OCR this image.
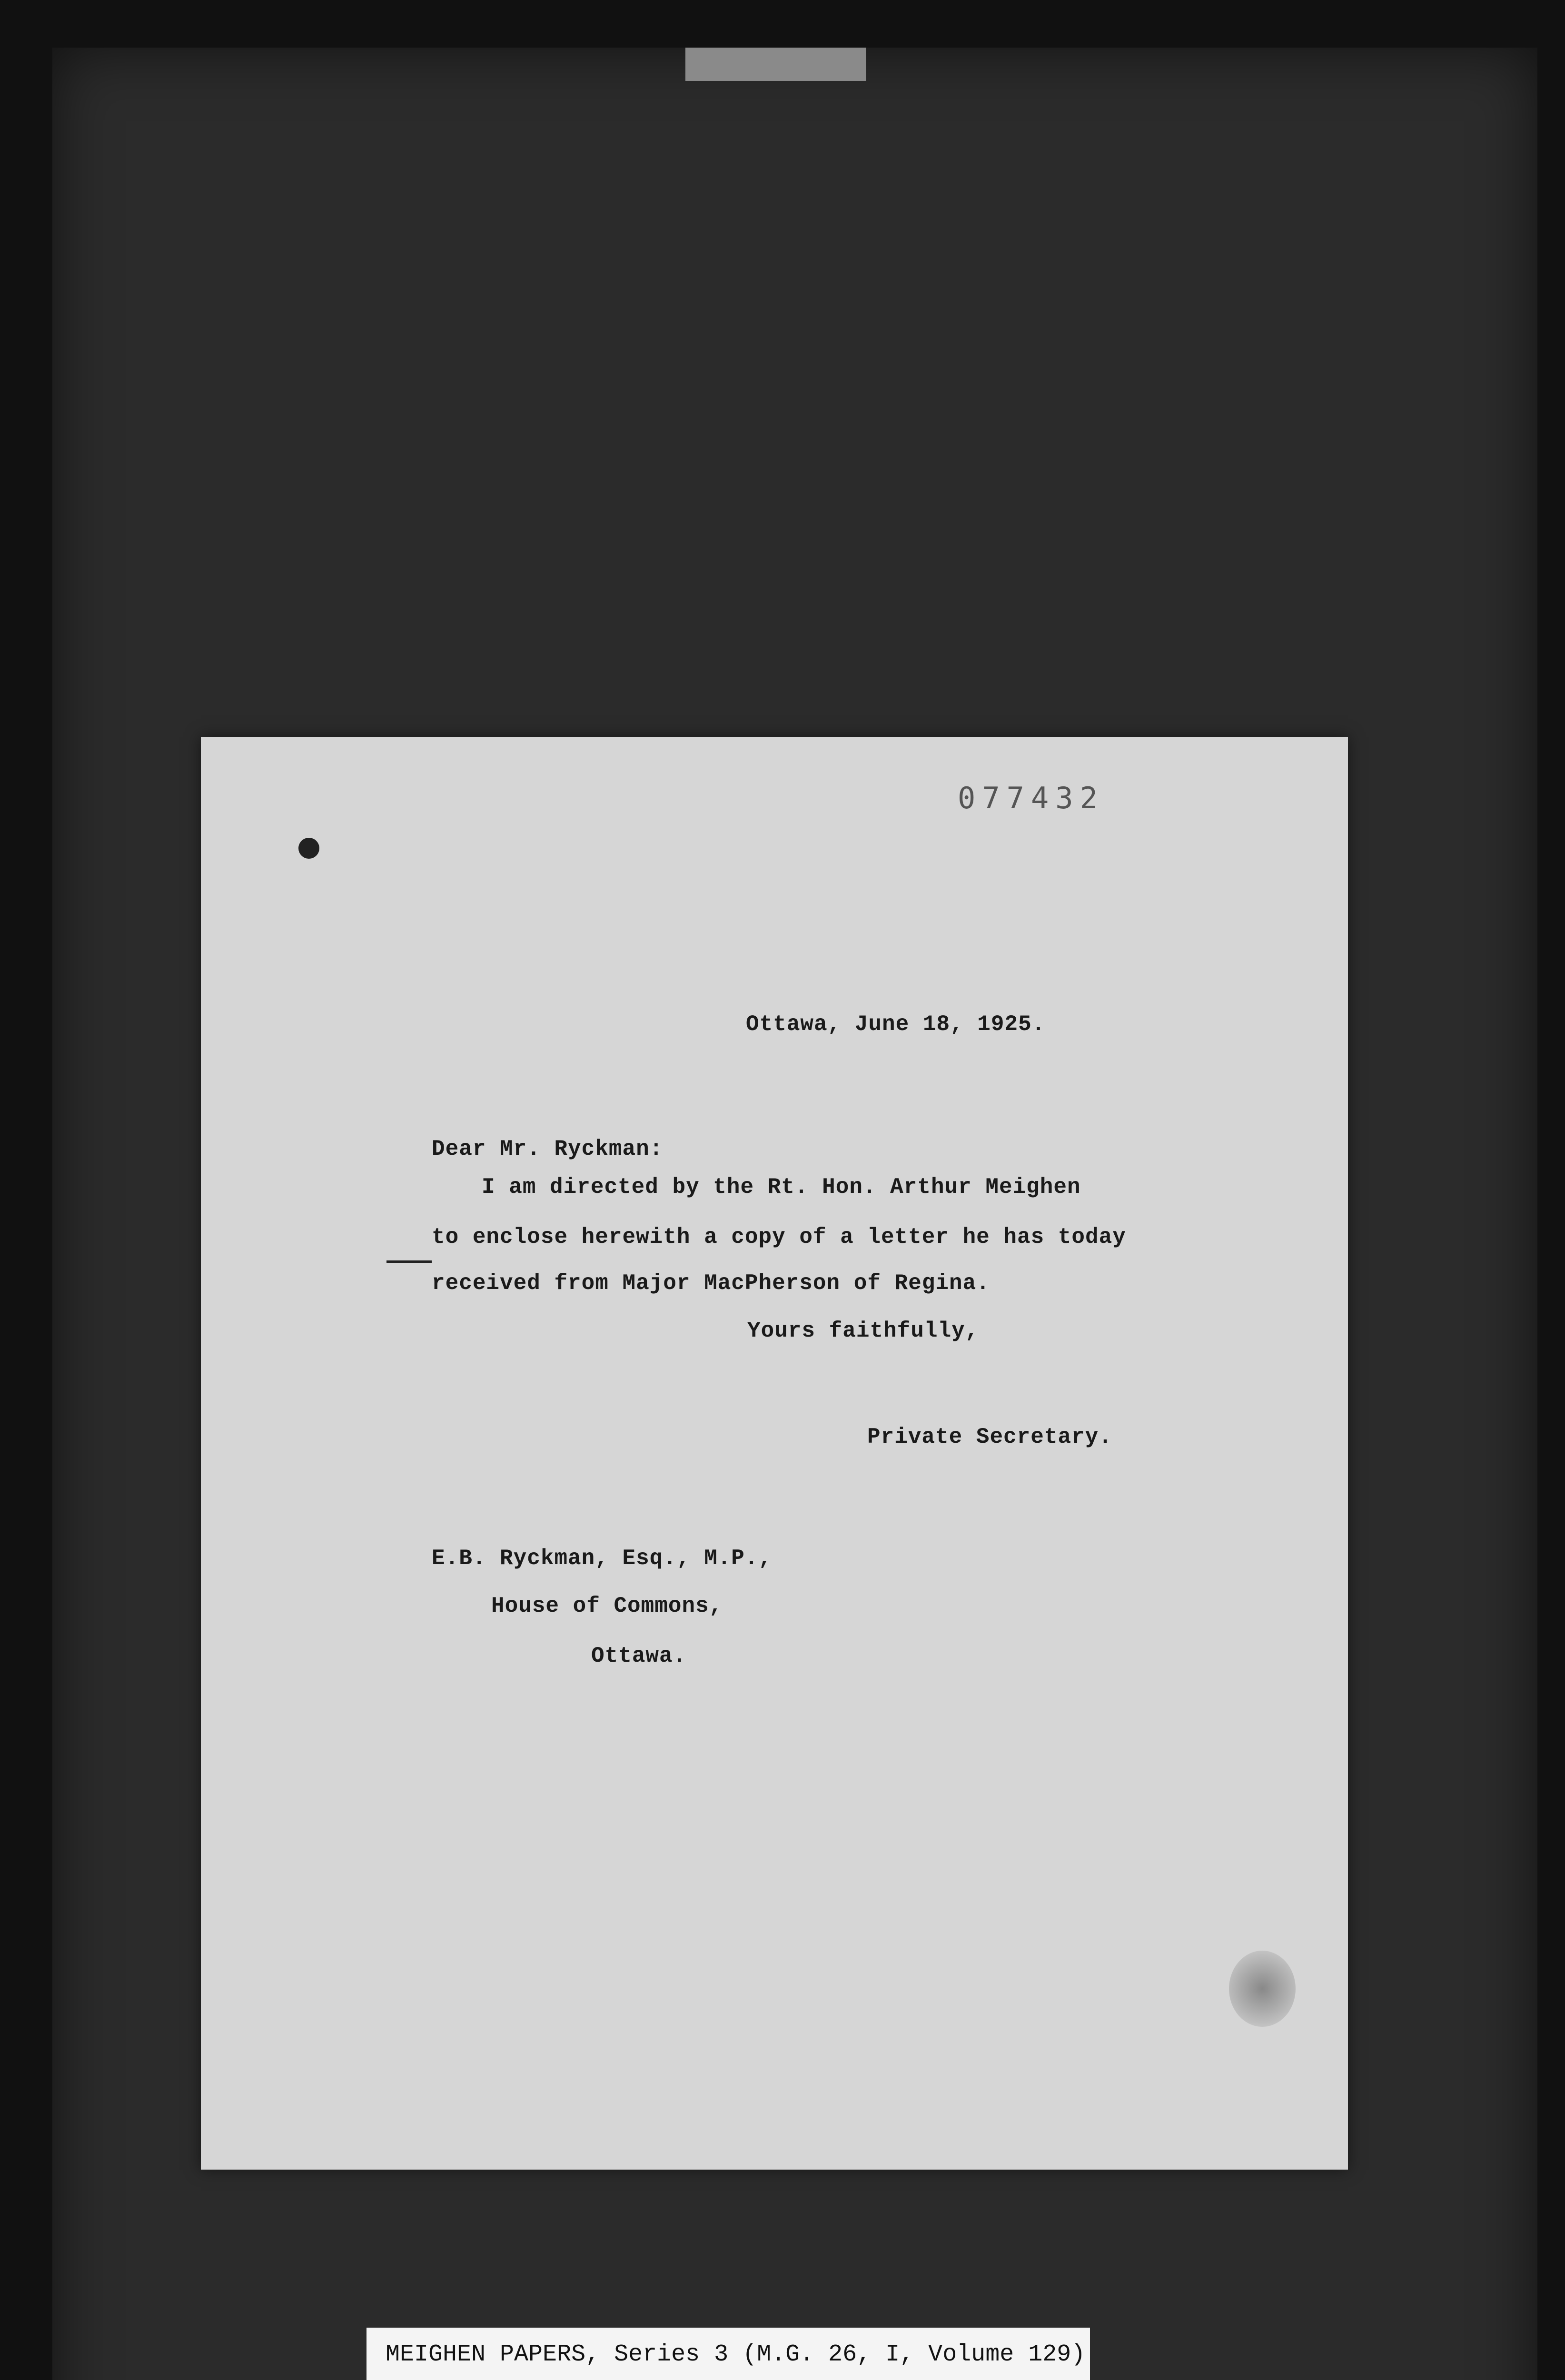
077432
Ottawa, June 18, 1925.
Dear Mr. Ryckman:
I am directed by the Rt. Hon. Arthur Meighen
to enclose herewith a copy of a letter he has today
received from Major MacPherson of Regina.
Yours faithfully,
Private Secretary.
E.B. Ryckman, Esq., M.P.,
House of Commons,
Ottawa.
MEIGHEN PAPERS, Series 3 (M.G. 26, I, Volume 129)
